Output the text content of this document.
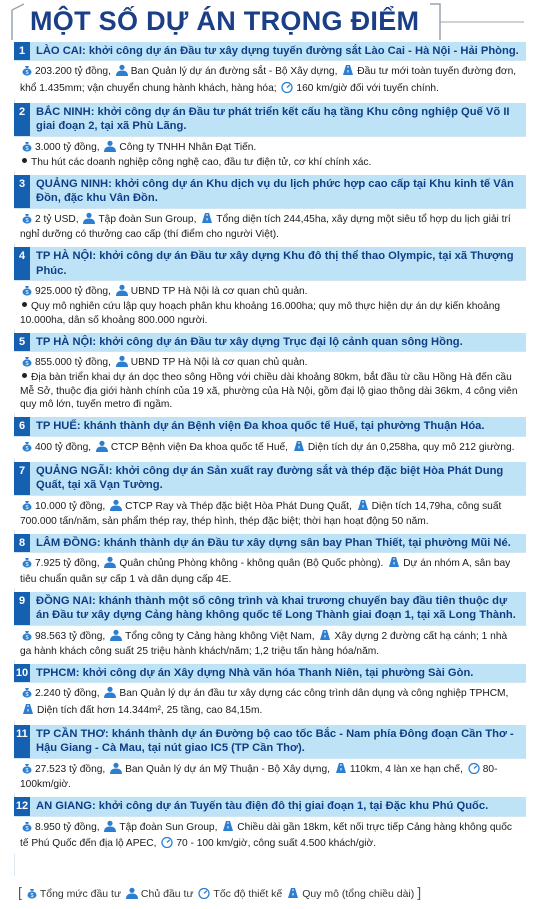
MỘT SỐ DỰ ÁN TRỌNG ĐIỂM
1 LÀO CAI: khởi công dự án Đầu tư xây dựng tuyến đường sắt Lào Cai - Hà Nội - Hải Phòng.

$ 203.200 tỷ đồng, Ban Quản lý dự án đường sắt - Bộ Xây dựng, Đầu tư mới toàn tuyến đường đơn, khổ 1.435mm; vận chuyển chung hành khách, hàng hóa; 160 km/giờ đối với tuyến chính.

2 BẮC NINH: khởi công dự án Đầu tư phát triển kết cấu hạ tầng Khu công nghiệp Quế Võ II giai đoạn 2, tại xã Phù Lãng.

$ 3.000 tỷ đồng, Công ty TNHH Nhân Đạt Tiến.

Thu hút các doanh nghiệp công nghệ cao, đầu tư điện tử, cơ khí chính xác.

3 QUẢNG NINH: khởi công dự án Khu dịch vụ du lịch phức hợp cao cấp tại Khu kinh tế Vân Đồn, đặc khu Vân Đồn.

$ 2 tỷ USD, Tập đoàn Sun Group, Tổng diện tích 244,45ha, xây dựng một siêu tổ hợp du lịch giải trí nghỉ dưỡng có thưởng cao cấp (thí điểm cho người Việt).

4 TP HÀ NỘI: khởi công dự án Đầu tư xây dựng Khu đô thị thể thao Olympic, tại xã Thượng Phúc.

$ 925.000 tỷ đồng, UBND TP Hà Nội là cơ quan chủ quản.

Quy mô nghiên cứu lập quy hoạch phân khu khoảng 16.000ha; quy mô thực hiện dự án dự kiến khoảng 10.000ha, dân số khoảng 800.000 người.

5 TP HÀ NỘI: khởi công dự án Đầu tư xây dựng Trục đại lộ cảnh quan sông Hồng.

$ 855.000 tỷ đồng, UBND TP Hà Nội là cơ quan chủ quản.

Địa bàn triển khai dự án dọc theo sông Hồng với chiều dài khoảng 80km, bắt đầu từ cầu Hồng Hà đến cầu Mễ Sở, thuộc địa giới hành chính của 19 xã, phường của Hà Nội, gồm đại lộ giao thông dài 36km, 4 công viên quy mô lớn, tuyến metro đi ngầm.

6 TP HUẾ: khánh thành dự án Bệnh viện Đa khoa quốc tế Huế, tại phường Thuận Hóa.

$ 400 tỷ đồng, CTCP Bệnh viện Đa khoa quốc tế Huế, Diện tích dự án 0,258ha, quy mô 212 giường.

7 QUẢNG NGÃI: khởi công dự án Sản xuất ray đường sắt và thép đặc biệt Hòa Phát Dung Quất, tại xã Vạn Tường.

$ 10.000 tỷ đồng, CTCP Ray và Thép đặc biệt Hòa Phát Dung Quất, Diện tích 14,79ha, công suất 700.000 tấn/năm, sản phẩm thép ray, thép hình, thép đặc biệt; thời hạn hoạt động 50 năm.

8 LÂM ĐỒNG: khánh thành dự án Đầu tư xây dựng sân bay Phan Thiết, tại phường Mũi Né.

$ 7.925 tỷ đồng, Quân chủng Phòng không - không quân (Bộ Quốc phòng). Dự án nhóm A, sân bay tiêu chuẩn quân sự cấp 1 và dân dụng cấp 4E.

9 ĐỒNG NAI: khánh thành một số công trình và khai trương chuyến bay đầu tiên thuộc dự án Đầu tư xây dựng Cảng hàng không quốc tế Long Thành giai đoạn 1, tại xã Long Thành.

$ 98.563 tỷ đồng, Tổng công ty Cảng hàng không Việt Nam, Xây dựng 2 đường cất hạ cánh; 1 nhà ga hành khách công suất 25 triệu hành khách/năm; 1,2 triệu tấn hàng hóa/năm.

10 TPHCM: khởi công dự án Xây dựng Nhà văn hóa Thanh Niên, tại phường Sài Gòn.

$ 2.240 tỷ đồng, Ban Quản lý dự án đầu tư xây dựng các công trình dân dụng và công nghiệp TPHCM, Diện tích đất hơn 14.344m², 25 tầng, cao 84,15m.

11 TP CẦN THƠ: khánh thành dự án Đường bộ cao tốc Bắc - Nam phía Đông đoạn Cần Thơ - Hậu Giang - Cà Mau, tại nút giao IC5 (TP Cần Thơ).

$ 27.523 tỷ đồng, Ban Quản lý dự án Mỹ Thuận - Bộ Xây dựng, 110km, 4 làn xe hạn chế, 80-100km/giờ.

12 AN GIANG: khởi công dự án Tuyến tàu điện đô thị giai đoạn 1, tại Đặc khu Phú Quốc.

$ 8.950 tỷ đồng, Tập đoàn Sun Group, Chiều dài gần 18km, kết nối trực tiếp Cảng hàng không quốc tế Phú Quốc đến địa lộ APEC, 70 - 100 km/giờ, công suất 4.500 khách/giờ.

[ $ Tổng mức đầu tư Chủ đầu tư Tốc độ thiết kế Quy mô (tổng chiều dài) ]
